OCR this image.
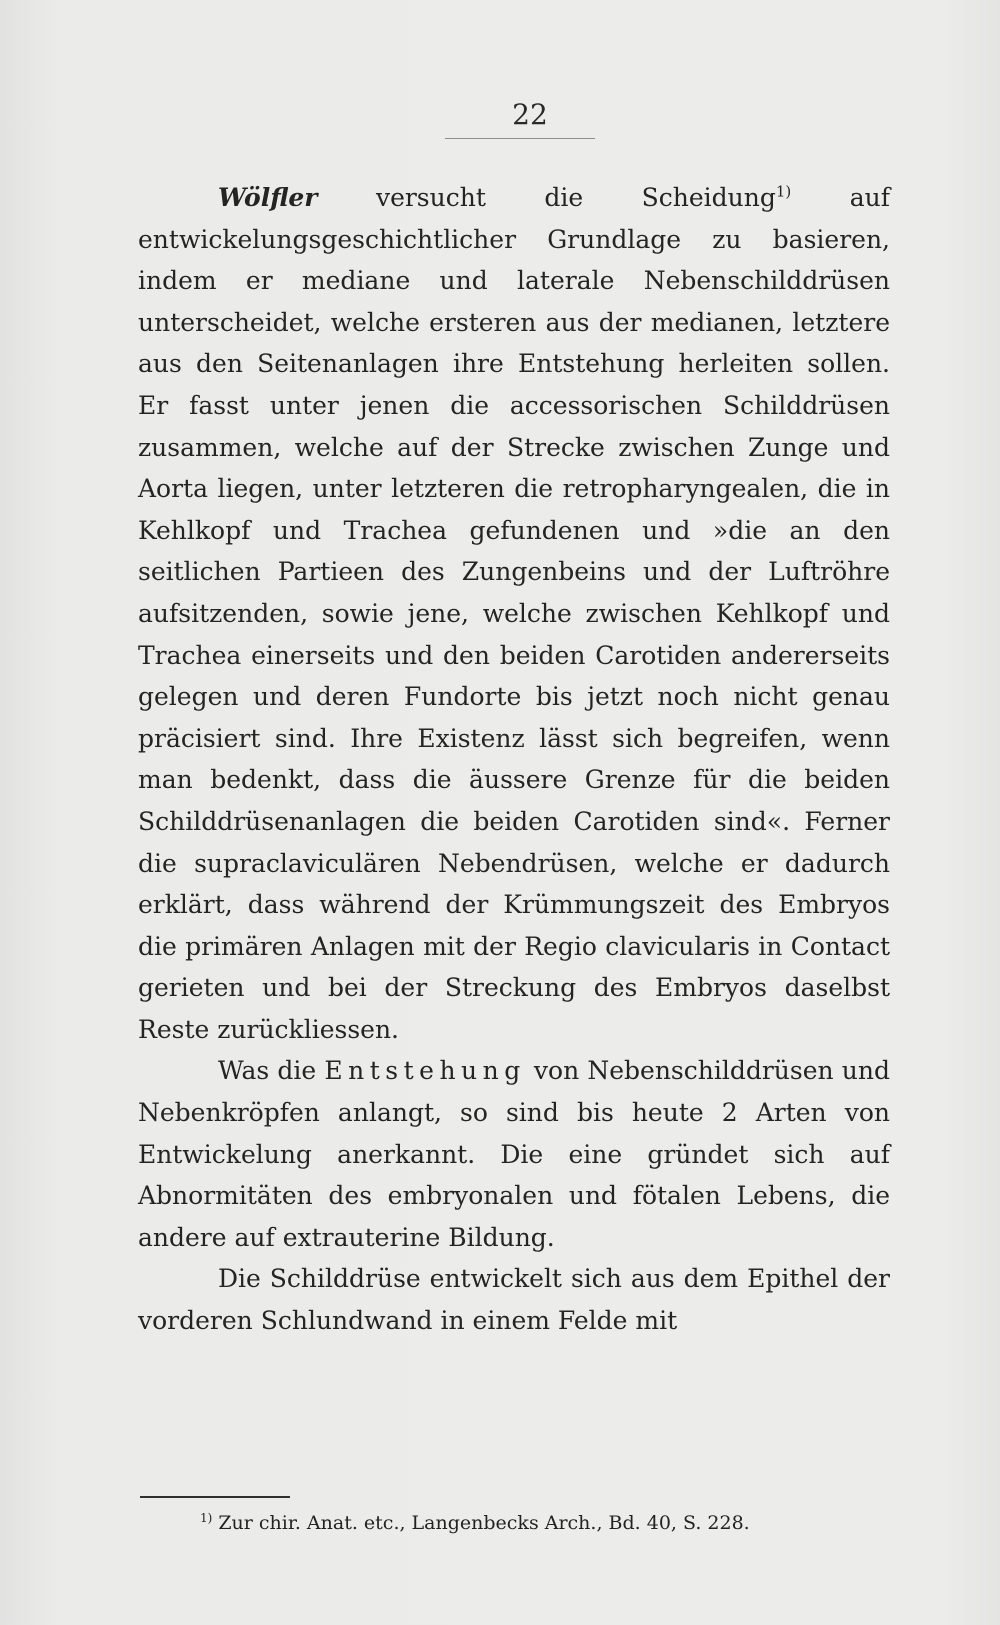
22

Wölfler versucht die Scheidung$^{1)}$ auf entwickelungsgeschichtlicher Grundlage zu basieren, indem er mediane und laterale Nebenschilddrüsen unterscheidet, welche ersteren aus der medianen, letztere aus den Seitenanlagen ihre Entstehung herleiten sollen. Er fasst unter jenen die accessorischen Schilddrüsen zusammen, welche auf der Strecke zwischen Zunge und Aorta liegen, unter letzteren die retropharyngealen, die in Kehlkopf und Trachea gefundenen und »die an den seitlichen Partieen des Zungenbeins und der Luftröhre aufsitzenden, sowie jene, welche zwischen Kehlkopf und Trachea einerseits und den beiden Carotiden andererseits gelegen und deren Fundorte bis jetzt noch nicht genau präcisiert sind. Ihre Existenz lässt sich begreifen, wenn man bedenkt, dass die äussere Grenze für die beiden Schilddrüsenanlagen die beiden Carotiden sind«. Ferner die supraclaviculären Nebendrüsen, welche er dadurch erklärt, dass während der Krümmungszeit des Embryos die primären Anlagen mit der Regio clavicularis in Contact gerieten und bei der Streckung des Embryos daselbst Reste zurückliessen.

Was die Entstehung von Nebenschilddrüsen und Nebenkröpfen anlangt, so sind bis heute 2 Arten von Entwickelung anerkannt. Die eine gründet sich auf Abnormitäten des embryonalen und fötalen Lebens, die andere auf extrauterine Bildung.

Die Schilddrüse entwickelt sich aus dem Epithel der vorderen Schlundwand in einem Felde mit

$^{1)}$ Zur chir. Anat. etc., Langenbecks Arch., Bd. 40, S. 228.
